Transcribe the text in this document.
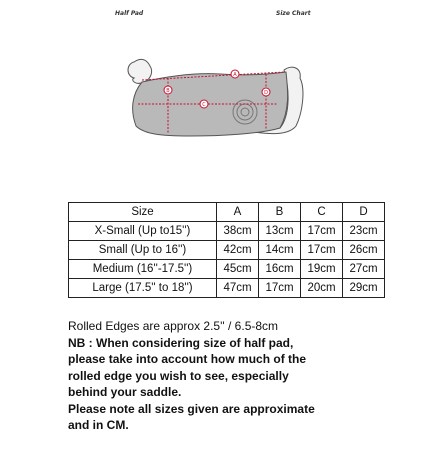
Half Pad	Size Chart
A
B
C
D
Size	A	B	C	D
X-Small (Up to15'')	38cm	13cm	17cm	23cm
Small (Up to 16'')	42cm	14cm	17cm	26cm
Medium (16''-17.5'')	45cm	16cm	19cm	27cm
Large (17.5'' to 18'')	47cm	17cm	20cm	29cm
Rolled Edges are approx 2.5'' / 6.5-8cm
NB : When considering size of half pad,
please take into account how much of the
rolled edge you wish to see, especially
behind your saddle.
Please note all sizes given are approximate
and in CM.
